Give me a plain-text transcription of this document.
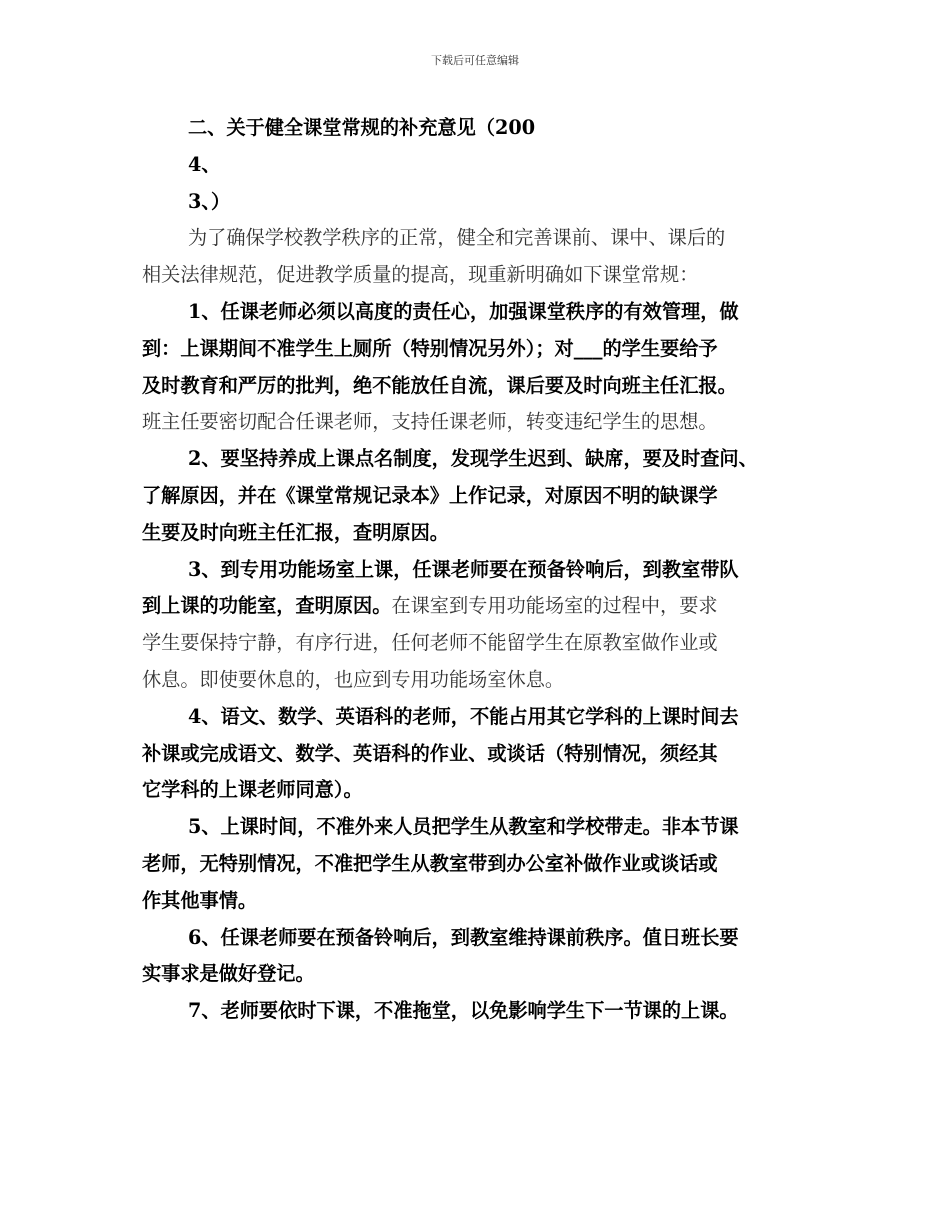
下载后可任意编辑
二、关于健全课堂常规的补充意见（200
4、
3、）
为了确保学校教学秩序的正常，健全和完善课前、课中、课后的
相关法律规范，促进教学质量的提高，现重新明确如下课堂常规：
1、任课老师必须以高度的责任心，加强课堂秩序的有效管理，做
到：上课期间不准学生上厕所（特别情况另外）；对___的学生要给予
及时教育和严厉的批判，绝不能放任自流，课后要及时向班主任汇报。
班主任要密切配合任课老师，支持任课老师，转变违纪学生的思想。
2、要坚持养成上课点名制度，发现学生迟到、缺席，要及时查问、
了解原因，并在《课堂常规记录本》上作记录，对原因不明的缺课学
生要及时向班主任汇报，查明原因。
3、到专用功能场室上课，任课老师要在预备铃响后，到教室带队
到上课的功能室，查明原因。在课室到专用功能场室的过程中，要求
学生要保持宁静，有序行进，任何老师不能留学生在原教室做作业或
休息。即使要休息的，也应到专用功能场室休息。
4、语文、数学、英语科的老师，不能占用其它学科的上课时间去
补课或完成语文、数学、英语科的作业、或谈话（特别情况，须经其
它学科的上课老师同意）。
5、上课时间，不准外来人员把学生从教室和学校带走。非本节课
老师，无特别情况，不准把学生从教室带到办公室补做作业或谈话或
作其他事情。
6、任课老师要在预备铃响后，到教室维持课前秩序。值日班长要
实事求是做好登记。
7、老师要依时下课，不准拖堂，以免影响学生下一节课的上课。
